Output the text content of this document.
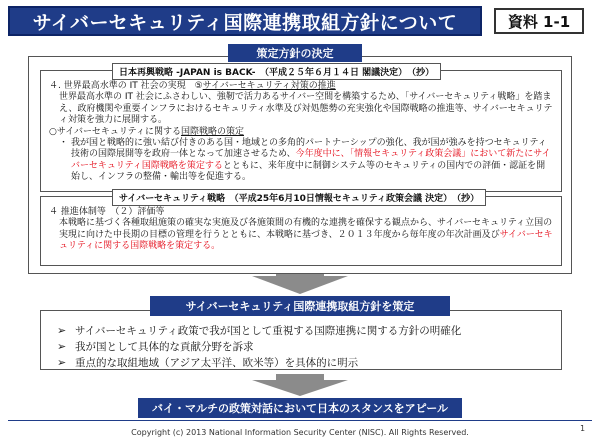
サイバーセキュリティ国際連携取組方針について	資料 1-1
策定方針の決定
４. 世界最高水準の IT 社会の実現　⑤サイバーセキュリティ対策の推進
世界最高水準の IT 社会にふさわしい、強靭で活力あるサイバー空間を構築するため、「サイバーセキュリティ戦略」を踏まえ、政府機関や重要インフラにおけるセキュリティ水準及び対処態勢の充実強化や国際戦略の推進等、サイバーセキュリティ対策を強力に展開する。
○サイバーセキュリティに関する国際戦略の策定
・ 我が国と戦略的に強い結び付きのある国・地域との多角的パートナーシップの強化、我が国が強みを持つセキュリティ技術の国際展開等を政府一体となって加速させるため、今年度中に、「情報セキュリティ政策会議」において新たにサイバーセキュリティ国際戦略を策定するとともに、来年度中に制御システム等のセキュリティの国内での評価・認証を開始し、インフラの整備・輸出等を促進する。
日本再興戦略 -JAPAN is BACK-　（平成２５年６月１４日 閣議決定）　（抄）
４ 推進体制等　（２）評価等
本戦略に基づく各種取組施策の確実な実施及び各施策間の有機的な連携を確保する観点から、サイバーセキュリティ立国の実現に向けた中長期の目標の管理を行うとともに、本戦略に基づき、２０１３年度から毎年度の年次計画及びサイバーセキュリティに関する国際戦略を策定する。
サイバーセキュリティ戦略　（平成25年6月10日情報セキュリティ政策会議 決定）　（抄）
➢ サイバーセキュリティ政策で我が国として重視する国際連携に関する方針の明確化
➢ 我が国として具体的な貢献分野を訴求
➢ 重点的な取組地域（アジア太平洋、欧米等）を具体的に明示
サイバーセキュリティ国際連携取組方針を策定
バイ・マルチの政策対話において日本のスタンスをアピール
Copyright (c) 2013 National Information Security Center (NISC). All Rights Reserved.	1
